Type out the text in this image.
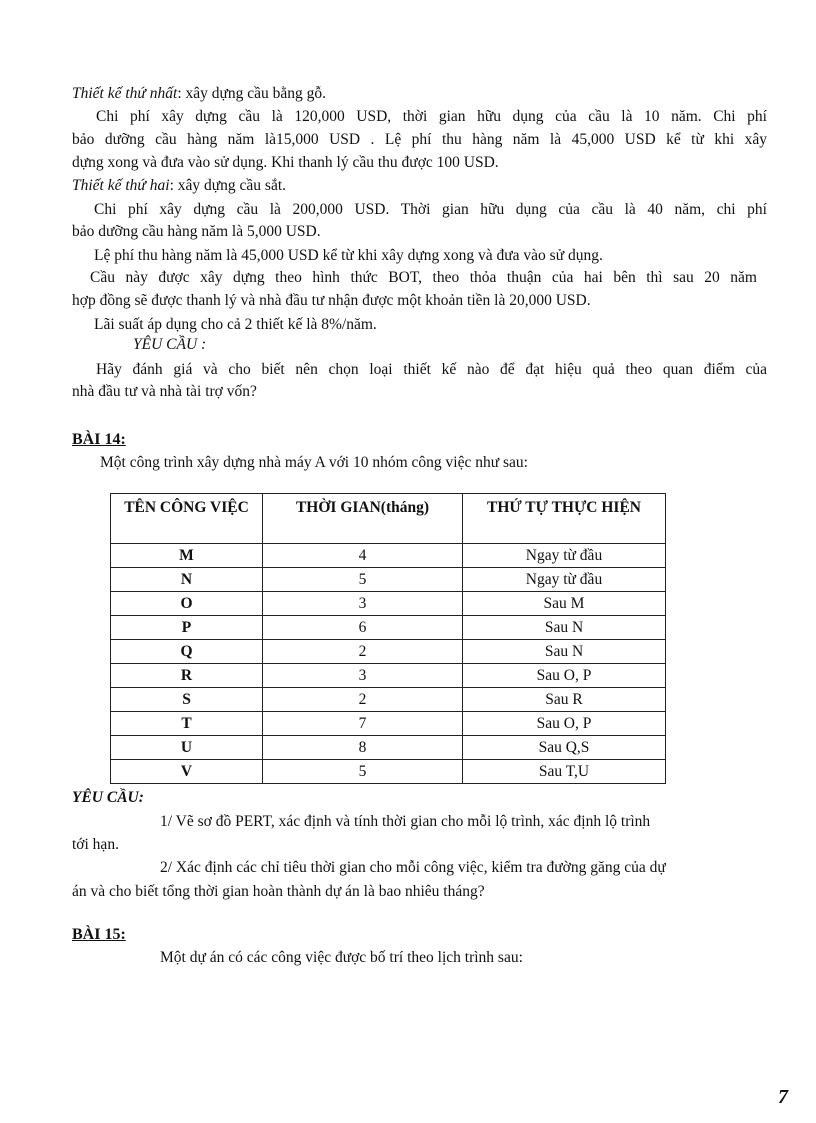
Thiết kế thứ nhất: xây dựng cầu bằng gỗ.
Chi phí xây dựng cầu là 120,000 USD, thời gian hữu dụng của cầu là 10 năm. Chi phí
bảo dưỡng cầu hàng năm là15,000 USD . Lệ phí thu hàng năm là 45,000 USD kể từ khi xây
dựng xong và đưa vào sử dụng. Khi thanh lý cầu thu được 100 USD.
Thiết kế thứ hai: xây dựng cầu sắt.
Chi phí xây dựng cầu là 200,000 USD. Thời gian hữu dụng của cầu là 40 năm, chi phí
bảo dưỡng cầu hàng năm là 5,000 USD.
Lệ phí thu hàng năm là 45,000 USD kể từ khi xây dựng xong và đưa vào sử dụng.
Cầu này được xây dựng theo hình thức BOT, theo thỏa thuận của hai bên thì sau 20 năm
hợp đồng sẽ được thanh lý và nhà đầu tư nhận được một khoản tiền là 20,000 USD.
Lãi suất áp dụng cho cả 2 thiết kế là 8%/năm.
YÊU CẦU :
Hãy đánh giá và cho biết nên chọn loại thiết kế nào để đạt hiệu quả theo quan điểm của
nhà đầu tư và nhà tài trợ vốn?
BÀI 14:
Một công trình xây dựng nhà máy A với 10 nhóm công việc như sau:
TÊN CÔNG VIỆC	THỜI GIAN(tháng)	THỨ TỰ THỰC HIỆN
M	4	Ngay từ đầu
N	5	Ngay từ đầu
O	3	Sau M
P	6	Sau N
Q	2	Sau N
R	3	Sau O, P
S	2	Sau R
T	7	Sau O, P
U	8	Sau Q,S
V	5	Sau T,U
YÊU CẦU:
1/ Vẽ sơ đồ PERT, xác định và tính thời gian cho mỗi lộ trình, xác định lộ trình
tới hạn.
2/ Xác định các chỉ tiêu thời gian cho mỗi công việc, kiểm tra đường găng của dự
án và cho biết tổng thời gian hoàn thành dự án là bao nhiêu tháng?
BÀI 15:
Một dự án có các công việc được bố trí theo lịch trình sau:
7
